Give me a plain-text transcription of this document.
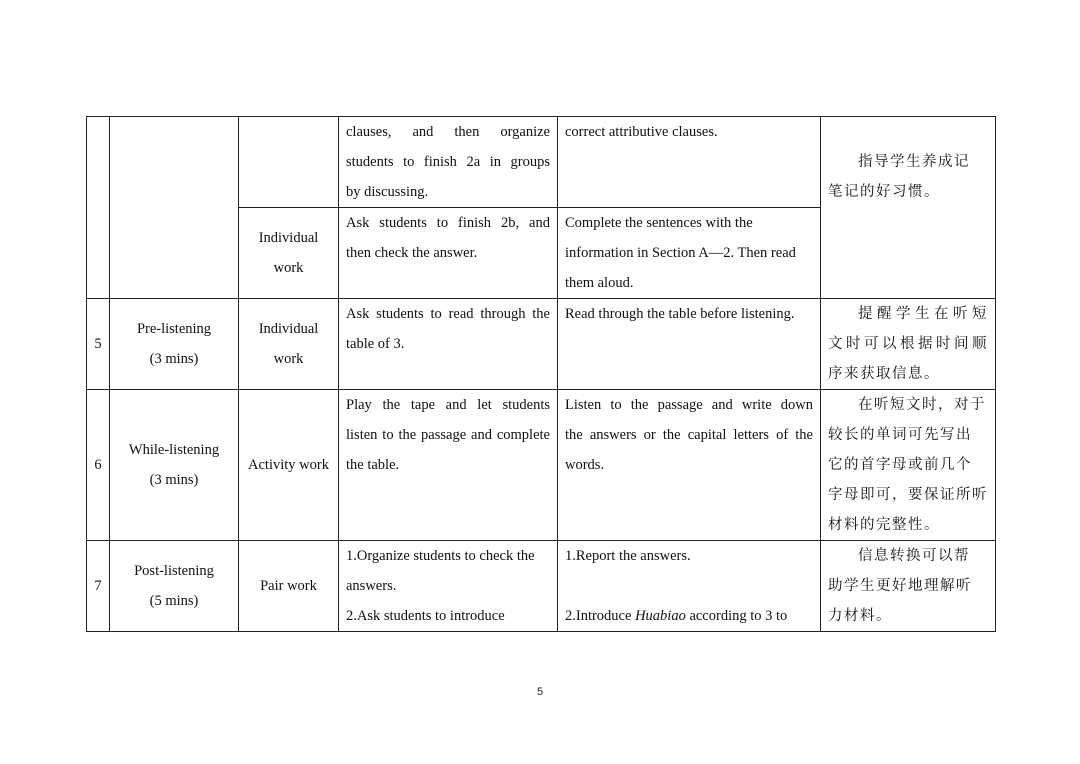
			clauses, and then organize
students to finish 2a in groups
by discussing.	correct attributive clauses.	指导学生养成记
笔记的好习惯。

		Individual
work	Ask students to finish 2b, and
then check the answer.	Complete the sentences with the
information in Section A—2. Then read
them aloud.	

5	Pre-listening
(3 mins)	Individual
work	Ask students to read through the
table of 3.	Read through the table before listening.	提醒学生在听短
文时可以根据时间顺
序来获取信息。

6	While-listening
(3 mins)	Activity work	Play the tape and let students
listen to the passage and complete
the table.	Listen to the passage and write down
the answers or the capital letters of the
words.	在听短文时，对于
较长的单词可先写出
它的首字母或前几个
字母即可，要保证所听
材料的完整性。

7	Post-listening
(5 mins)	Pair work	1.Organize students to check the
answers.
2.Ask students to introduce	1.Report the answers.
2.Introduce Huabiao according to 3 to	信息转换可以帮
助学生更好地理解听
力材料。
5
